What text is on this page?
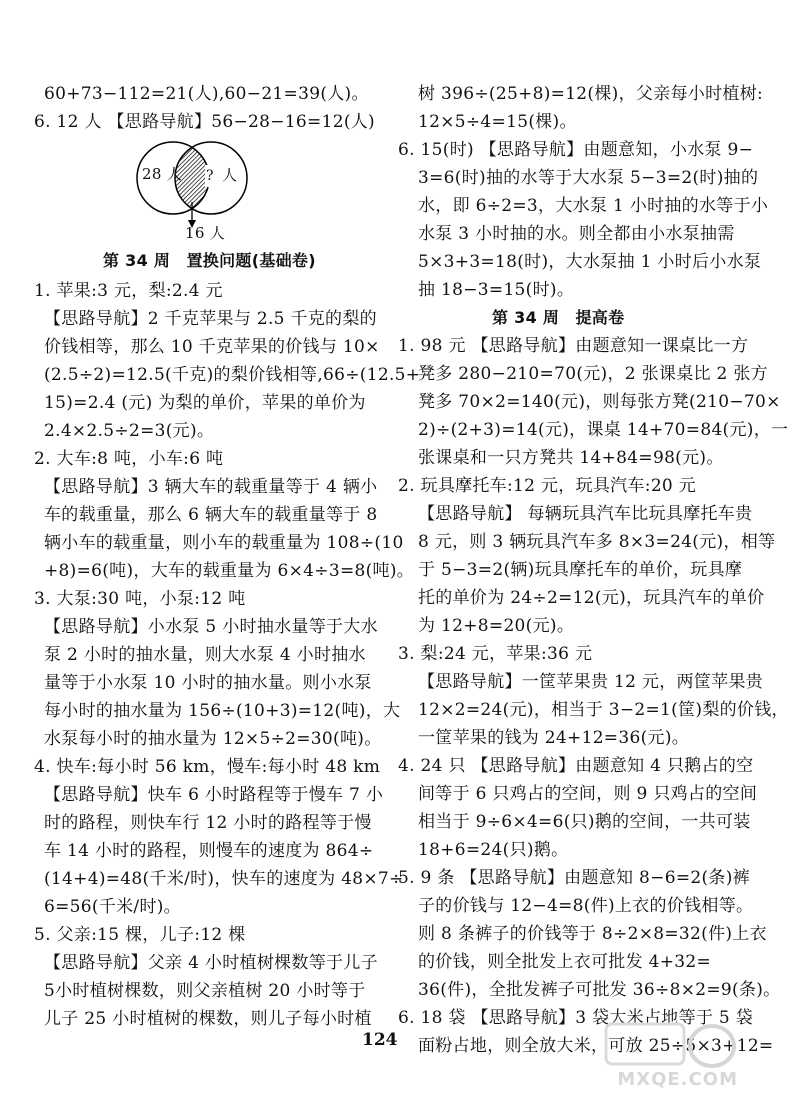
60+73−112=21(人),60−21=39(人)。
6. 12 人 【思路导航】56−28−16=12(人)
28 人 ? 人
16 人
第 34 周　置换问题(基础卷)
1. 苹果:3 元，梨:2.4 元
【思路导航】2 千克苹果与 2.5 千克的梨的
价钱相等，那么 10 千克苹果的价钱与 10×
(2.5÷2)=12.5(千克)的梨价钱相等,66÷(12.5+
15)=2.4 (元) 为梨的单价，苹果的单价为
2.4×2.5÷2=3(元)。
2. 大车:8 吨，小车:6 吨
【思路导航】3 辆大车的载重量等于 4 辆小
车的载重量，那么 6 辆大车的载重量等于 8
辆小车的载重量，则小车的载重量为 108÷(10
+8)=6(吨)，大车的载重量为 6×4÷3=8(吨)。
3. 大泵:30 吨，小泵:12 吨
【思路导航】小水泵 5 小时抽水量等于大水
泵 2 小时的抽水量，则大水泵 4 小时抽水
量等于小水泵 10 小时的抽水量。则小水泵
每小时的抽水量为 156÷(10+3)=12(吨)，大
水泵每小时的抽水量为 12×5÷2=30(吨)。
4. 快车:每小时 56 km，慢车:每小时 48 km
【思路导航】快车 6 小时路程等于慢车 7 小
时的路程，则快车行 12 小时的路程等于慢
车 14 小时的路程，则慢车的速度为 864÷
(14+4)=48(千米/时)，快车的速度为 48×7÷
6=56(千米/时)。
5. 父亲:15 棵，儿子:12 棵
【思路导航】父亲 4 小时植树棵数等于儿子
5小时植树棵数，则父亲植树 20 小时等于
儿子 25 小时植树的棵数，则儿子每小时植
树 396÷(25+8)=12(棵)，父亲每小时植树:
12×5÷4=15(棵)。
6. 15(时) 【思路导航】由题意知，小水泵 9−
3=6(时)抽的水等于大水泵 5−3=2(时)抽的
水，即 6÷2=3，大水泵 1 小时抽的水等于小
水泵 3 小时抽的水。则全都由小水泵抽需
5×3+3=18(时)，大水泵抽 1 小时后小水泵
抽 18−3=15(时)。
第 34 周　提高卷
1. 98 元 【思路导航】由题意知一课桌比一方
凳多 280−210=70(元)，2 张课桌比 2 张方
凳多 70×2=140(元)，则每张方凳(210−70×
2)÷(2+3)=14(元)，课桌 14+70=84(元)，一
张课桌和一只方凳共 14+84=98(元)。
2. 玩具摩托车:12 元，玩具汽车:20 元
【思路导航】 每辆玩具汽车比玩具摩托车贵
8 元，则 3 辆玩具汽车多 8×3=24(元)，相等
于 5−3=2(辆)玩具摩托车的单价，玩具摩
托的单价为 24÷2=12(元)，玩具汽车的单价
为 12+8=20(元)。
3. 梨:24 元，苹果:36 元
【思路导航】一筐苹果贵 12 元，两筐苹果贵
12×2=24(元)，相当于 3−2=1(筐)梨的价钱，
一筐苹果的钱为 24+12=36(元)。
4. 24 只 【思路导航】由题意知 4 只鹅占的空
间等于 6 只鸡占的空间，则 9 只鸡占的空间
相当于 9÷6×4=6(只)鹅的空间，一共可装
18+6=24(只)鹅。
5. 9 条 【思路导航】由题意知 8−6=2(条)裤
子的价钱与 12−4=8(件)上衣的价钱相等。
则 8 条裤子的价钱等于 8÷2×8=32(件)上衣
的价钱，则全批发上衣可批发 4+32=
36(件)，全批发裤子可批发 36÷8×2=9(条)。
6. 18 袋 【思路导航】3 袋大米占地等于 5 袋
面粉占地，则全放大米，可放 25÷5×3+12=
124
MXQE.COM
